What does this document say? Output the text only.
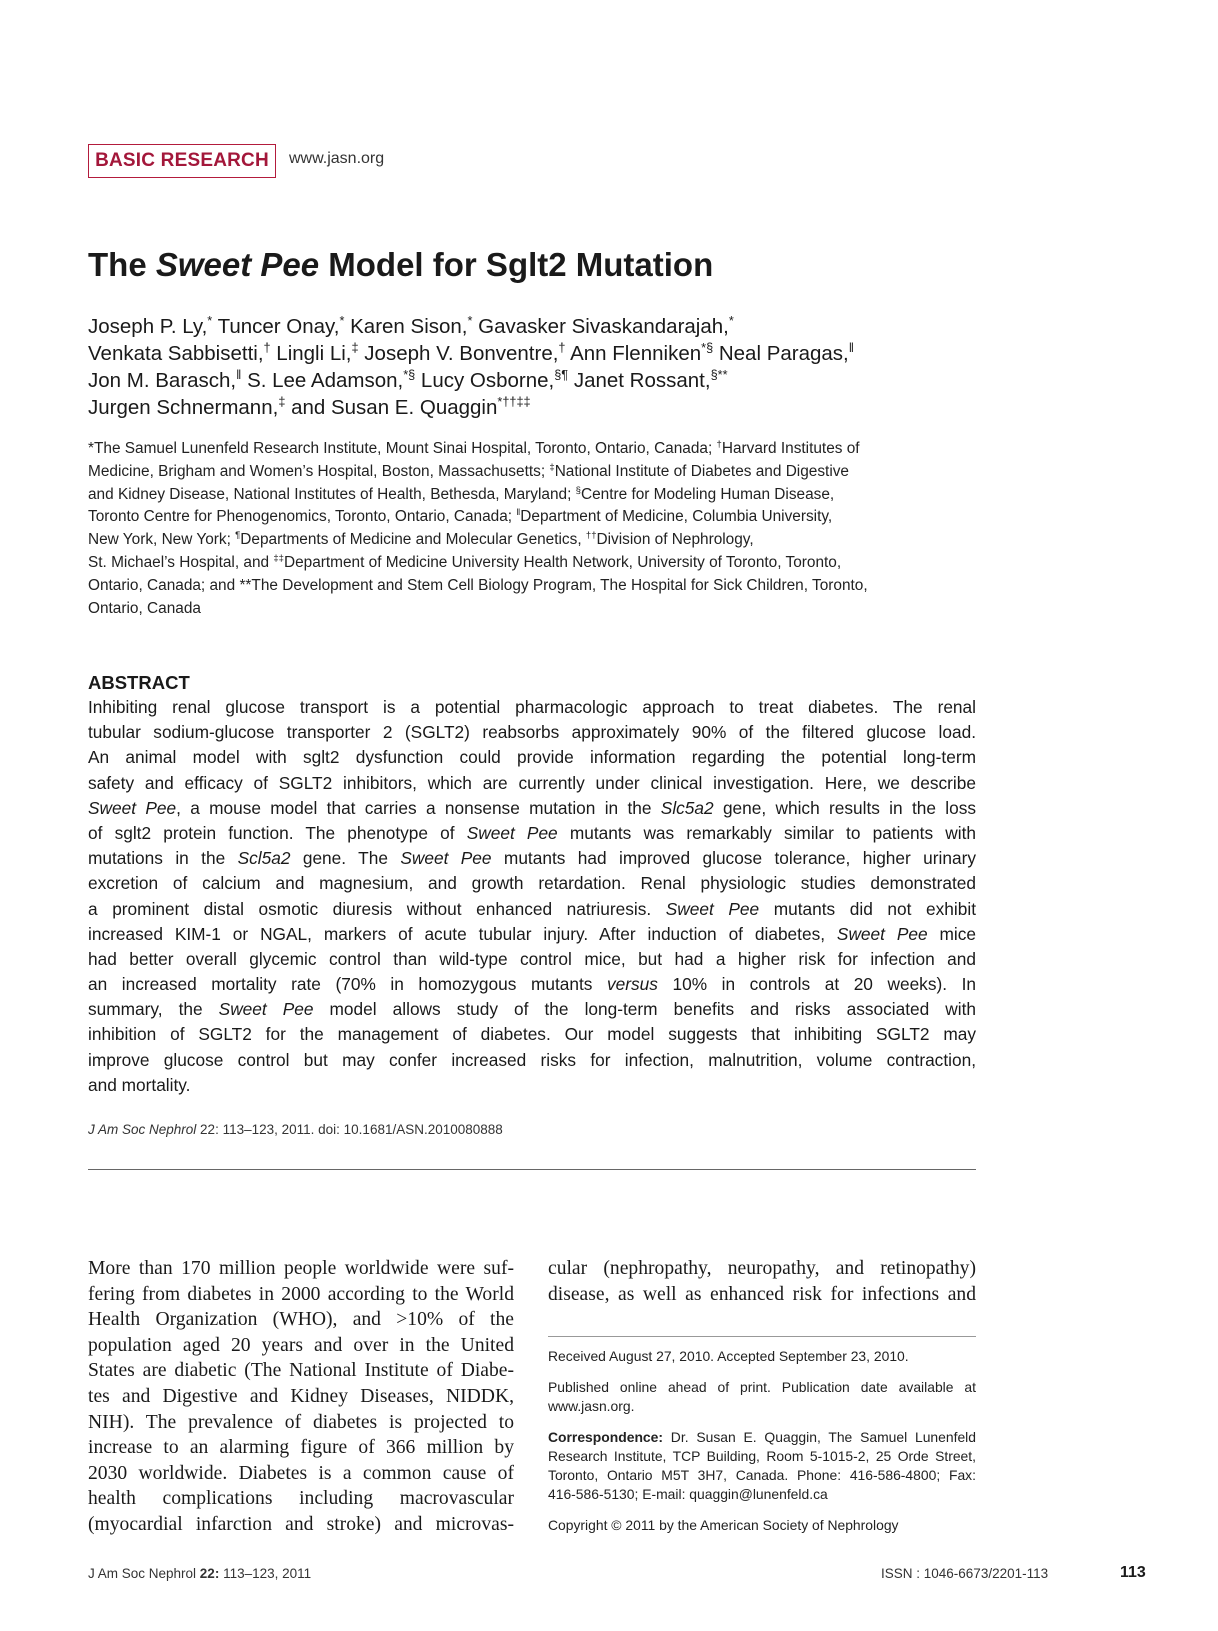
BASIC RESEARCH www.jasn.org
The Sweet Pee Model for Sglt2 Mutation
Joseph P. Ly,* Tuncer Onay,* Karen Sison,* Gavasker Sivaskandarajah,*
Venkata Sabbisetti,† Lingli Li,‡ Joseph V. Bonventre,† Ann Flenniken*§ Neal Paragas,‖
Jon M. Barasch,‖ S. Lee Adamson,*§ Lucy Osborne,§¶ Janet Rossant,§**
Jurgen Schnermann,‡ and Susan E. Quaggin*††‡‡
*The Samuel Lunenfeld Research Institute, Mount Sinai Hospital, Toronto, Ontario, Canada; †Harvard Institutes of
Medicine, Brigham and Women’s Hospital, Boston, Massachusetts; ‡National Institute of Diabetes and Digestive
and Kidney Disease, National Institutes of Health, Bethesda, Maryland; §Centre for Modeling Human Disease,
Toronto Centre for Phenogenomics, Toronto, Ontario, Canada; ‖Department of Medicine, Columbia University,
New York, New York; ¶Departments of Medicine and Molecular Genetics, ††Division of Nephrology,
St. Michael’s Hospital, and ‡‡Department of Medicine University Health Network, University of Toronto, Toronto,
Ontario, Canada; and **The Development and Stem Cell Biology Program, The Hospital for Sick Children, Toronto,
Ontario, Canada
ABSTRACT
Inhibiting renal glucose transport is a potential pharmacologic approach to treat diabetes. The renal
tubular sodium-glucose transporter 2 (SGLT2) reabsorbs approximately 90% of the filtered glucose load.
An animal model with sglt2 dysfunction could provide information regarding the potential long-term
safety and efficacy of SGLT2 inhibitors, which are currently under clinical investigation. Here, we describe
Sweet Pee, a mouse model that carries a nonsense mutation in the Slc5a2 gene, which results in the loss
of sglt2 protein function. The phenotype of Sweet Pee mutants was remarkably similar to patients with
mutations in the Scl5a2 gene. The Sweet Pee mutants had improved glucose tolerance, higher urinary
excretion of calcium and magnesium, and growth retardation. Renal physiologic studies demonstrated
a prominent distal osmotic diuresis without enhanced natriuresis. Sweet Pee mutants did not exhibit
increased KIM-1 or NGAL, markers of acute tubular injury. After induction of diabetes, Sweet Pee mice
had better overall glycemic control than wild-type control mice, but had a higher risk for infection and
an increased mortality rate (70% in homozygous mutants versus 10% in controls at 20 weeks). In
summary, the Sweet Pee model allows study of the long-term benefits and risks associated with
inhibition of SGLT2 for the management of diabetes. Our model suggests that inhibiting SGLT2 may
improve glucose control but may confer increased risks for infection, malnutrition, volume contraction,
and mortality.
J Am Soc Nephrol 22: 113–123, 2011. doi: 10.1681/ASN.2010080888
More than 170 million people worldwide were suf-
fering from diabetes in 2000 according to the World
Health Organization (WHO), and >10% of the
population aged 20 years and over in the United
States are diabetic (The National Institute of Diabe-
tes and Digestive and Kidney Diseases, NIDDK,
NIH). The prevalence of diabetes is projected to
increase to an alarming figure of 366 million by
2030 worldwide. Diabetes is a common cause of
health complications including macrovascular
(myocardial infarction and stroke) and microvas-
cular (nephropathy, neuropathy, and retinopathy)
disease, as well as enhanced risk for infections and
Received August 27, 2010. Accepted September 23, 2010.
Published online ahead of print. Publication date available at
www.jasn.org.
Correspondence: Dr. Susan E. Quaggin, The Samuel Lunenfeld
Research Institute, TCP Building, Room 5-1015-2, 25 Orde Street,
Toronto, Ontario M5T 3H7, Canada. Phone: 416-586-4800; Fax:
416-586-5130; E-mail: quaggin@lunenfeld.ca
Copyright © 2011 by the American Society of Nephrology
J Am Soc Nephrol 22: 113–123, 2011	ISSN : 1046-6673/2201-113	113
